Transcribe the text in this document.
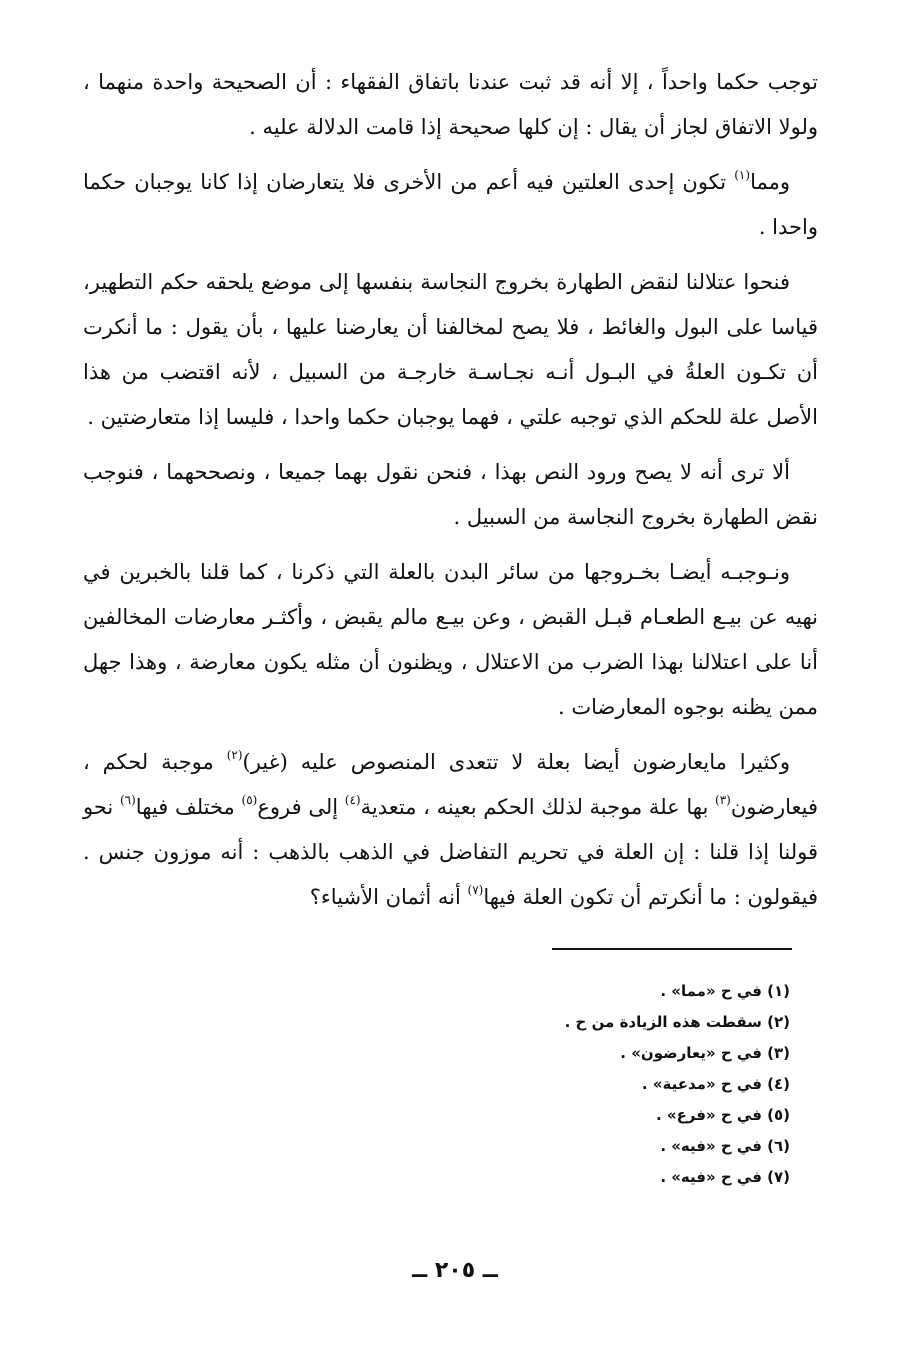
توجب حكما واحداً ، إلا أنه قد ثبت عندنا باتفاق الفقهاء : أن الصحيحة واحدة منهما ، ولولا الاتفاق لجاز أن يقال : إن كلها صحيحة إذا قامت الدلالة عليه .

ومما$^{(١)}$ تكون إحدى العلتين فيه أعم من الأخرى فلا يتعارضان إذا كانا يوجبان حكما واحدا .

فنحوا عتلالنا لنقض الطهارة بخروج النجاسة بنفسها إلى موضع يلحقه حكم التطهير، قياسا على البول والغائط ، فلا يصح لمخالفنا أن يعارضنا عليها ، بأن يقول : ما أنكرت أن تكـون العلةُ في البـول أنـه نجـاسـة خارجـة من السبيل ، لأنه اقتضب من هذا الأصل علة للحكم الذي توجبه علتي ، فهما يوجبان حكما واحدا ، فليسا إذا متعارضتين .

ألا ترى أنه لا يصح ورود النص بهذا ، فنحن نقول بهما جميعا ، ونصححهما ، فنوجب نقض الطهارة بخروج النجاسة من السبيل .

ونـوجبـه أيضـا بخـروجها من سائر البدن بالعلة التي ذكرنا ، كما قلنا بالخبرين في نهيه عن بيـع الطعـام قبـل القبض ، وعن بيـع مالم يقبض ، وأكثـر معارضات المخالفين أنا على اعتلالنا بهذا الضرب من الاعتلال ، ويظنون أن مثله يكون معارضة ، وهذا جهل ممن يظنه بوجوه المعارضات .

وكثيرا مايعارضون أيضا بعلة لا تتعدى المنصوص عليه (غير)$^{(٢)}$ موجبة لحكم ، فيعارضون$^{(٣)}$ بها علة موجبة لذلك الحكم بعينه ، متعدية$^{(٤)}$ إلى فروع$^{(٥)}$ مختلف فيها$^{(٦)}$ نحو قولنا إذا قلنا : إن العلة في تحريم التفاضل في الذهب بالذهب : أنه موزون جنس . فيقولون : ما أنكرتم أن تكون العلة فيها$^{(٧)}$ أنه أثمان الأشياء؟

(١) في ح «مما» .
(٢) سقطت هذه الزيادة من ح .
(٣) في ح «يعارضون» .
(٤) في ح «مدعية» .
(٥) في ح «فرع» .
(٦) في ح «فيه» .
(٧) في ح «فيه» .
ــ ٢٠٥ ــ
